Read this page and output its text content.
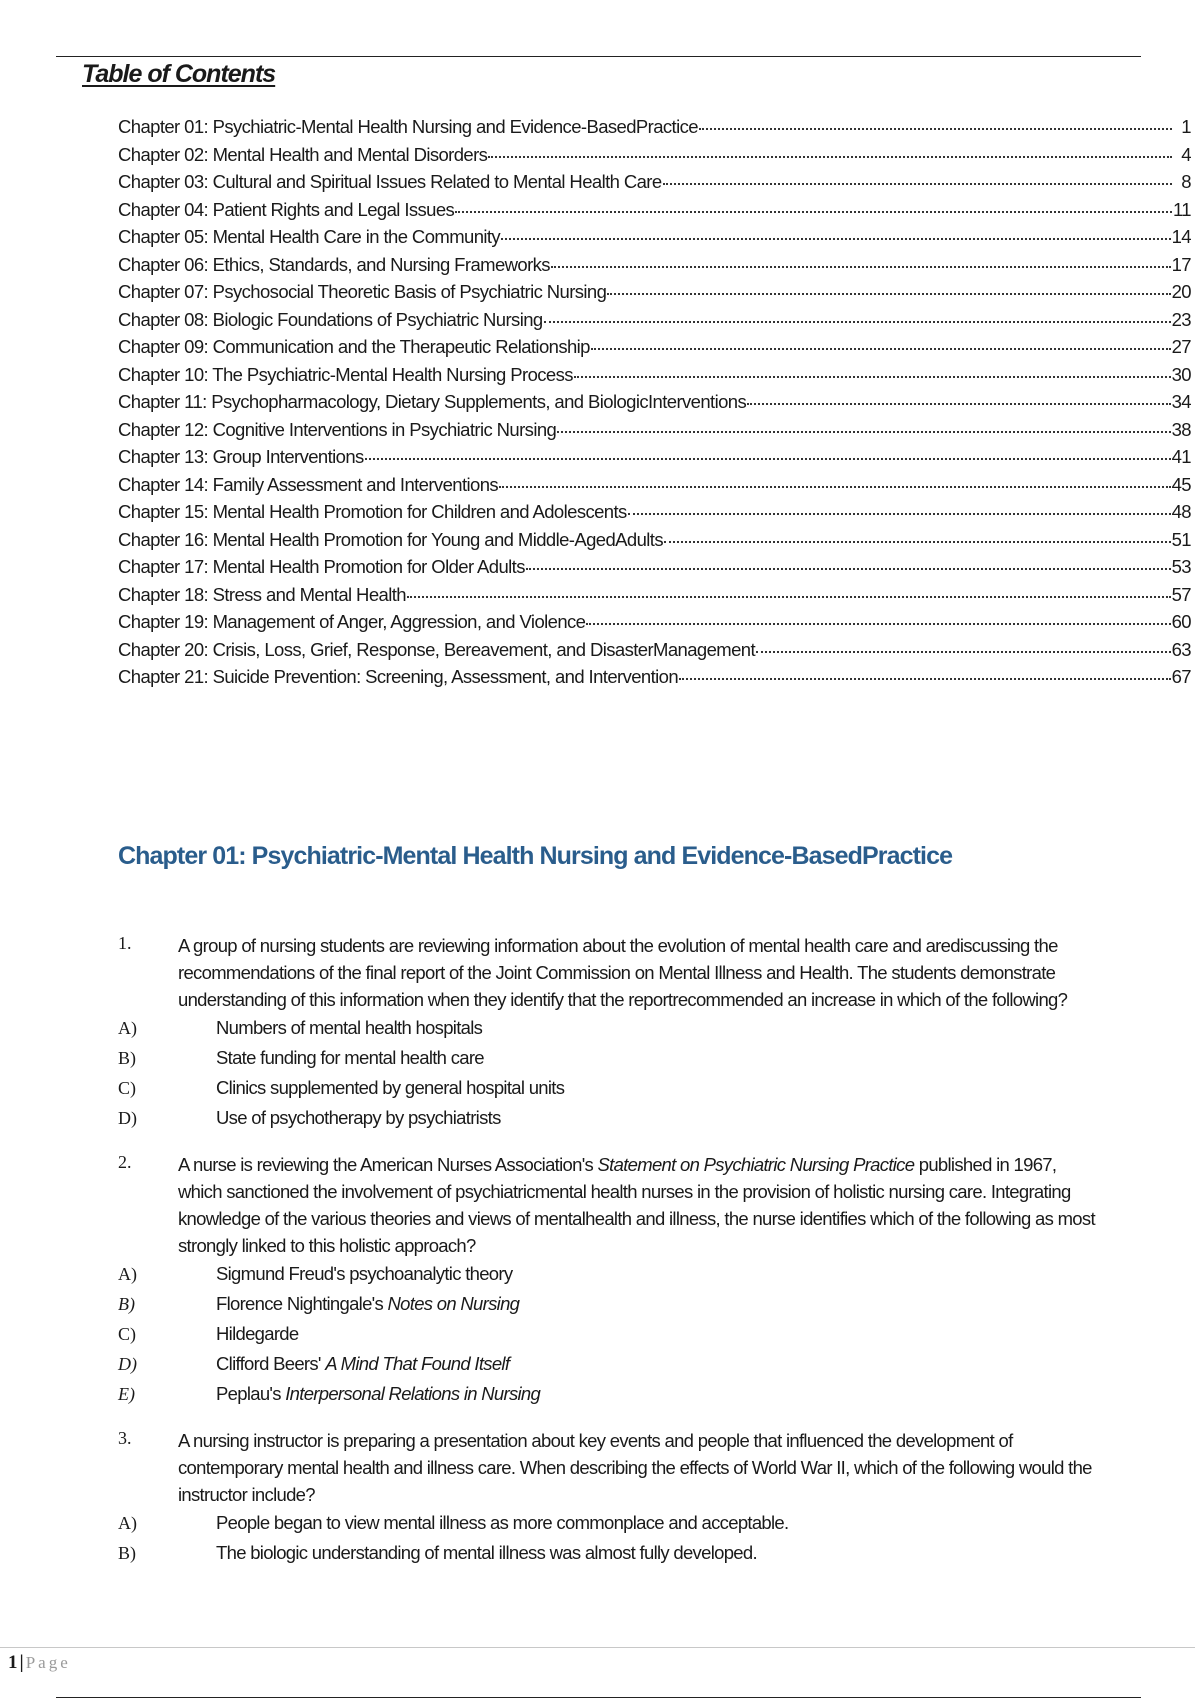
Table of Contents
Chapter 01: Psychiatric-Mental Health Nursing and Evidence-BasedPractice	1
Chapter 02: Mental Health and Mental Disorders	4
Chapter 03: Cultural and Spiritual Issues Related to Mental Health Care	8
Chapter 04: Patient Rights and Legal Issues	11
Chapter 05: Mental Health Care in the Community	14
Chapter 06: Ethics, Standards, and Nursing Frameworks	17
Chapter 07: Psychosocial Theoretic Basis of Psychiatric Nursing	20
Chapter 08: Biologic Foundations of Psychiatric Nursing	23
Chapter 09: Communication and the Therapeutic Relationship	27
Chapter 10: The Psychiatric-Mental Health Nursing Process	30
Chapter 11: Psychopharmacology, Dietary Supplements, and BiologicInterventions	34
Chapter 12: Cognitive Interventions in Psychiatric Nursing	38
Chapter 13: Group Interventions	41
Chapter 14: Family Assessment and Interventions	45
Chapter 15: Mental Health Promotion for Children and Adolescents	48
Chapter 16: Mental Health Promotion for Young and Middle-AgedAdults	51
Chapter 17: Mental Health Promotion for Older Adults	53
Chapter 18: Stress and Mental Health	57
Chapter 19: Management of Anger, Aggression, and Violence	60
Chapter 20: Crisis, Loss, Grief, Response, Bereavement, and DisasterManagement	63
Chapter 21: Suicide Prevention: Screening, Assessment, and Intervention	67
Chapter 01: Psychiatric-Mental Health Nursing and Evidence-BasedPractice
1.	A group of nursing students are reviewing information about the evolution of mental health care and arediscussing the recommendations of the final report of the Joint Commission on Mental Illness and Health. The students demonstrate understanding of this information when they identify that the reportrecommended an increase in which of the following?
A)	Numbers of mental health hospitals
B)	State funding for mental health care
C)	Clinics supplemented by general hospital units
D)	Use of psychotherapy by psychiatrists
2.	A nurse is reviewing the American Nurses Association's Statement on Psychiatric Nursing Practice published in 1967, which sanctioned the involvement of psychiatricmental health nurses in the provision of holistic nursing care. Integrating knowledge of the various theories and views of mentalhealth and illness, the nurse identifies which of the following as most strongly linked to this holistic approach?
A)	Sigmund Freud's psychoanalytic theory
B)	Florence Nightingale's Notes on Nursing
C)	Hildegarde
D)	Clifford Beers' A Mind That Found Itself
E)	Peplau's Interpersonal Relations in Nursing
3.	A nursing instructor is preparing a presentation about key events and people that influenced the development of contemporary mental health and illness care. When describing the effects of World War II, which of the following would the instructor include?
A)	People began to view mental illness as more commonplace and acceptable.
B)	The biologic understanding of mental illness was almost fully developed.
1 | Page
